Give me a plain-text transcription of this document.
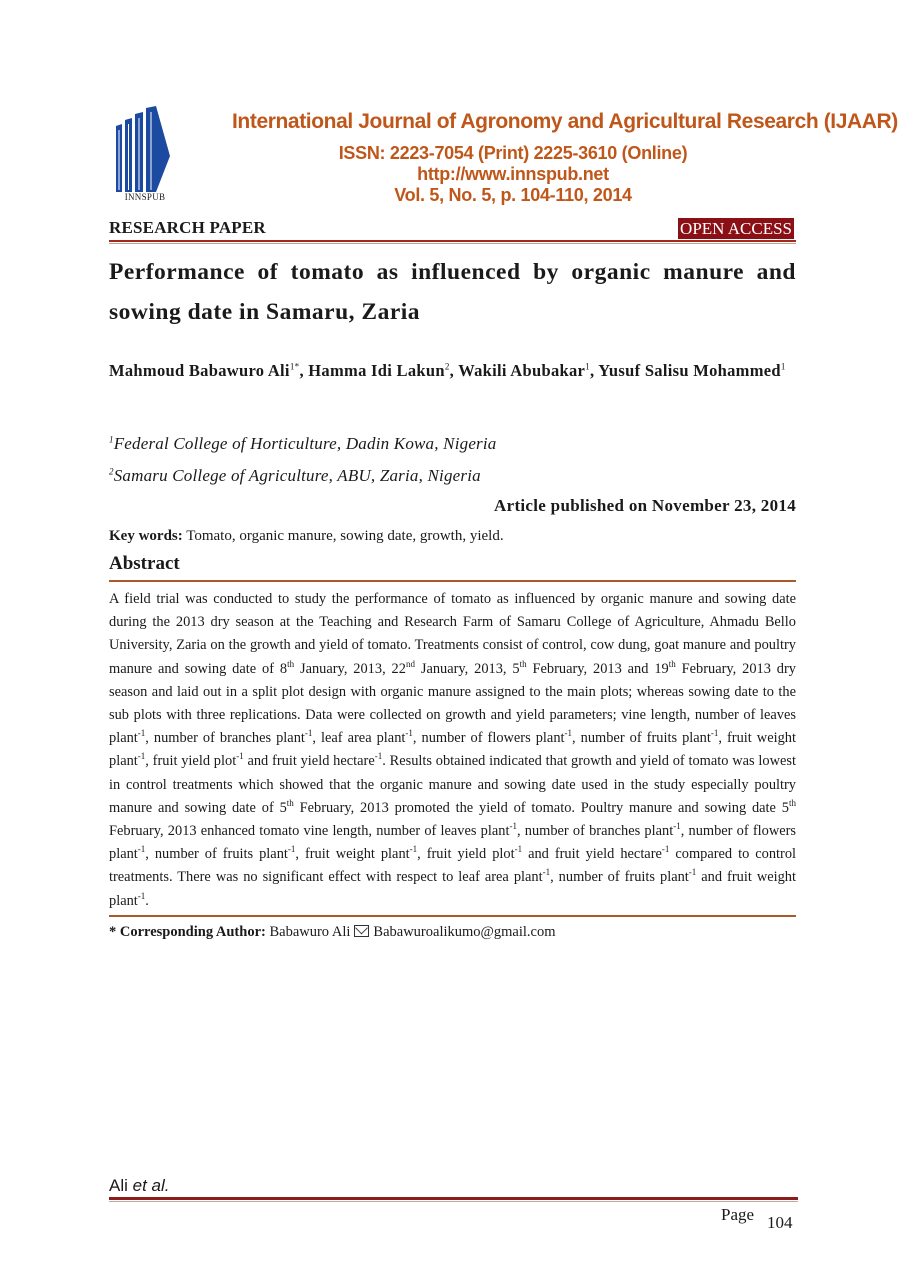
INNSPUB
International Journal of Agronomy and Agricultural Research (IJAAR)
ISSN: 2223-7054 (Print) 2225-3610 (Online)
http://www.innspub.net
Vol. 5, No. 5, p. 104-110, 2014
RESEARCH PAPER	OPEN ACCESS
Performance of tomato as influenced by organic manure and sowing date in Samaru, Zaria
Mahmoud Babawuro Ali$^{1*}$, Hamma Idi Lakun$^2$, Wakili Abubakar$^1$, Yusuf Salisu Mohammed$^1$
$^1$Federal College of Horticulture, Dadin Kowa, Nigeria
$^2$Samaru College of Agriculture, ABU, Zaria, Nigeria
Article published on November 23, 2014
Key words: Tomato, organic manure, sowing date, growth, yield.
Abstract
A field trial was conducted to study the performance of tomato as influenced by organic manure and sowing date during the 2013 dry season at the Teaching and Research Farm of Samaru College of Agriculture, Ahmadu Bello University, Zaria on the growth and yield of tomato. Treatments consist of control, cow dung, goat manure and poultry manure and sowing date of 8th January, 2013, 22nd January, 2013, 5th February, 2013 and 19th February, 2013 dry season and laid out in a split plot design with organic manure assigned to the main plots; whereas sowing date to the sub plots with three replications. Data were collected on growth and yield parameters; vine length, number of leaves plant$^{-1}$, number of branches plant$^{-1}$, leaf area plant$^{-1}$, number of flowers plant$^{-1}$, number of fruits plant$^{-1}$, fruit weight plant$^{-1}$, fruit yield plot$^{-1}$ and fruit yield hectare$^{-1}$. Results obtained indicated that growth and yield of tomato was lowest in control treatments which showed that the organic manure and sowing date used in the study especially poultry manure and sowing date of 5th February, 2013 promoted the yield of tomato. Poultry manure and sowing date 5th February, 2013 enhanced tomato vine length, number of leaves plant$^{-1}$, number of branches plant$^{-1}$, number of flowers plant$^{-1}$, number of fruits plant$^{-1}$, fruit weight plant$^{-1}$, fruit yield plot$^{-1}$ and fruit yield hectare$^{-1}$ compared to control treatments. There was no significant effect with respect to leaf area plant$^{-1}$, number of fruits plant$^{-1}$ and fruit weight plant$^{-1}$.
* Corresponding Author: Babawuro Ali Babawuroalikumo@gmail.com
Ali et al.
Page 104
